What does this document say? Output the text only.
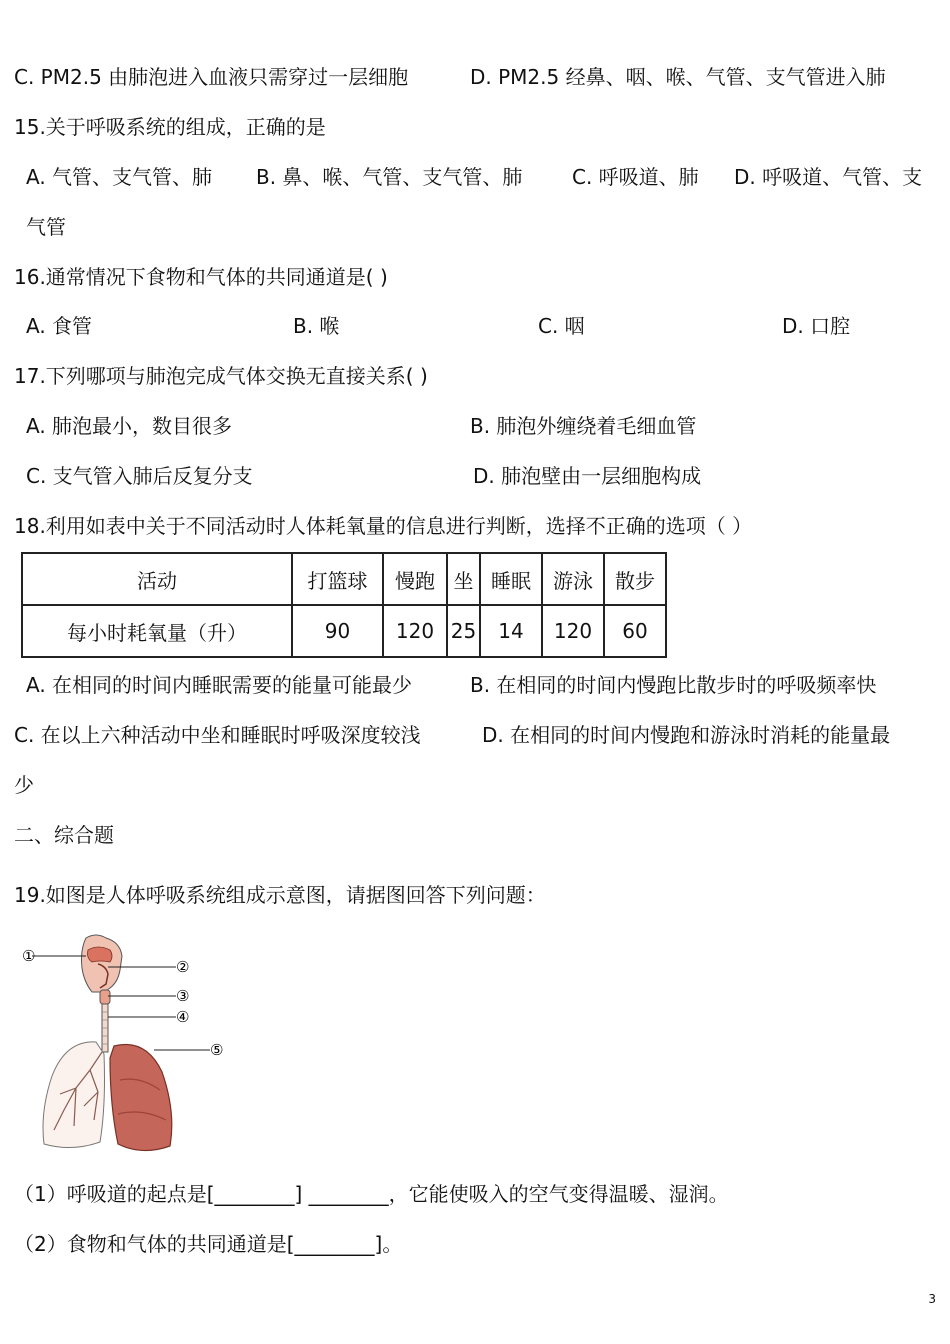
C. PM2.5 由肺泡进入血液只需穿过一层细胞	D. PM2.5 经鼻、咽、喉、气管、支气管进入肺
15.关于呼吸系统的组成，正确的是
A. 气管、支气管、肺 B. 鼻、喉、气管、支气管、肺 C. 呼吸道、肺 D. 呼吸道、气管、支
气管
16.通常情况下食物和气体的共同通道是( )
A. 食管	B. 喉	C. 咽	D. 口腔
17.下列哪项与肺泡完成气体交换无直接关系( )
A. 肺泡最小，数目很多	B. 肺泡外缠绕着毛细血管
C. 支气管入肺后反复分支	D. 肺泡壁由一层细胞构成
18.利用如表中关于不同活动时人体耗氧量的信息进行判断，选择不正确的选项（ ）
活动	打篮球	慢跑	坐	睡眠	游泳	散步
每小时耗氧量（升）	90	120	25	14	120	60
A. 在相同的时间内睡眠需要的能量可能最少	B. 在相同的时间内慢跑比散步时的呼吸频率快
C. 在以上六种活动中坐和睡眠时呼吸深度较浅	D. 在相同的时间内慢跑和游泳时消耗的能量最
少
二、综合题
19.如图是人体呼吸系统组成示意图，请据图回答下列问题：
①
②
③
④
⑤
（1）呼吸道的起点是[________] ________，它能使吸入的空气变得温暖、湿润。
（2）食物和气体的共同通道是[________]。
3
